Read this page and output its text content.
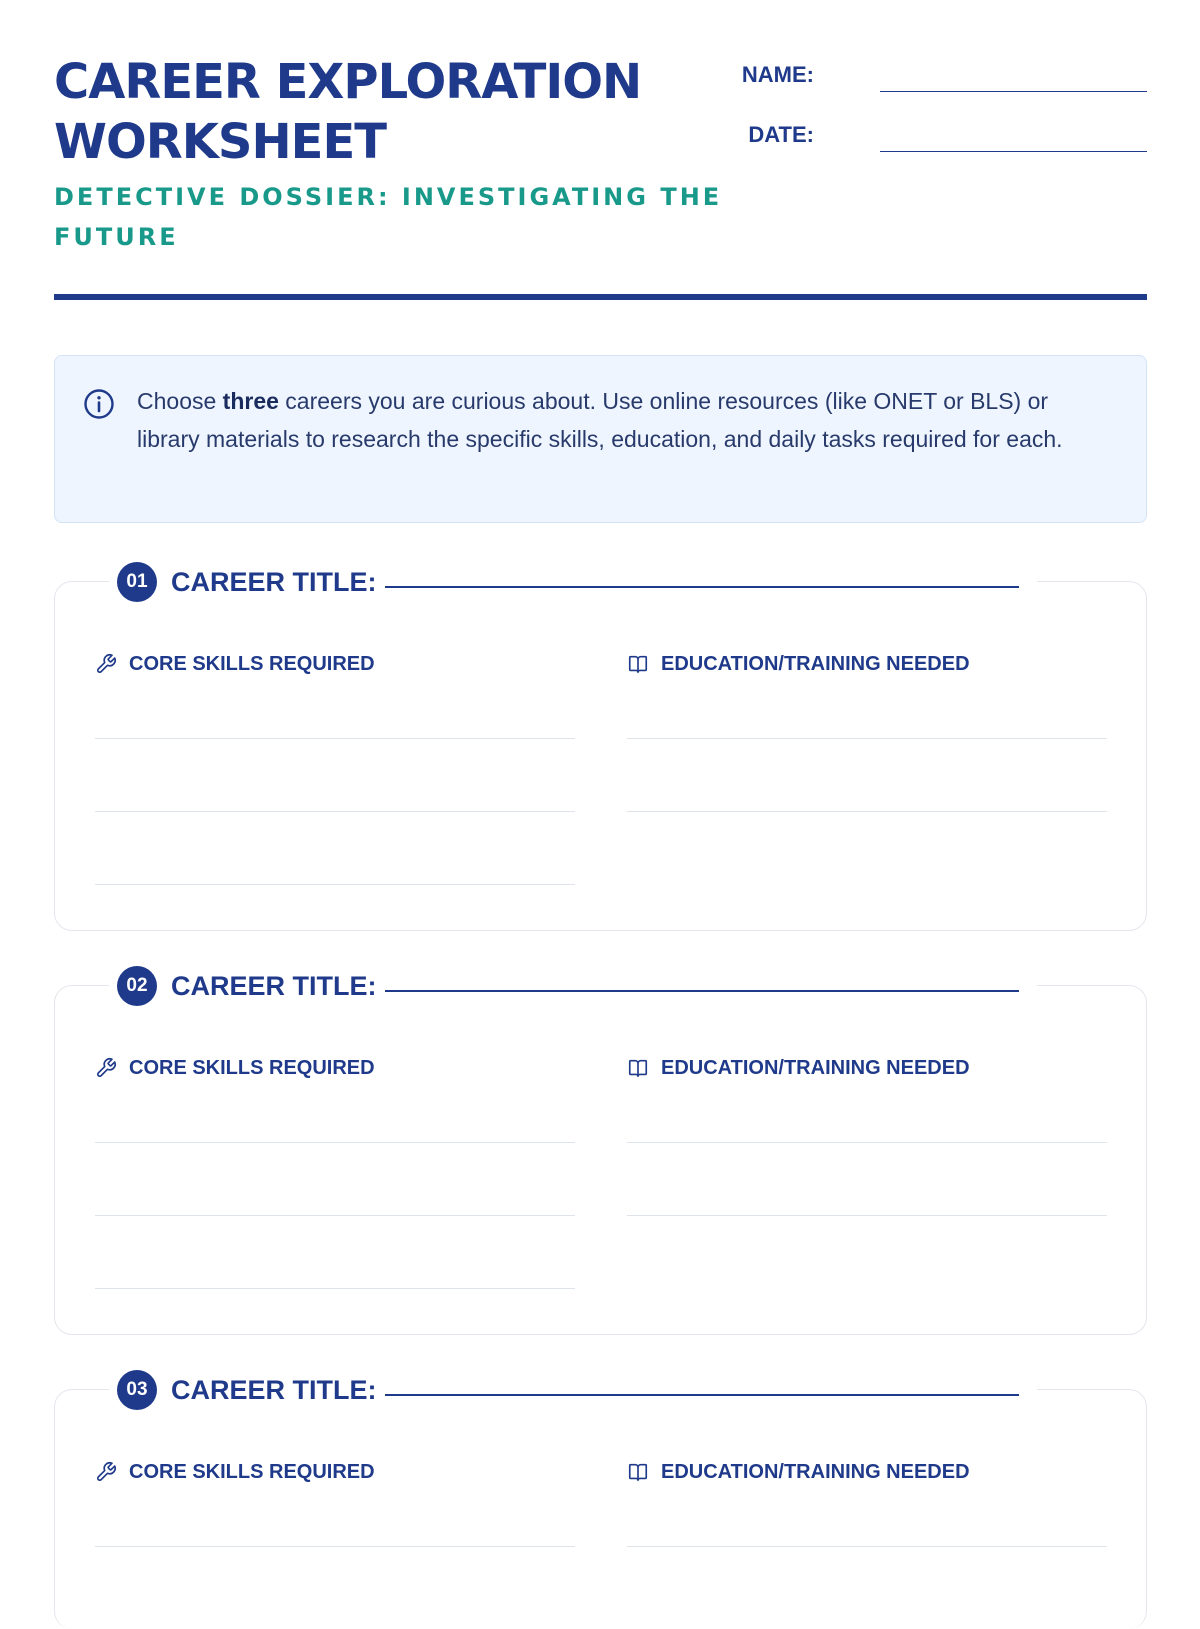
CAREER EXPLORATION WORKSHEET
DETECTIVE DOSSIER: INVESTIGATING THE FUTURE
NAME:
DATE:

Choose three careers you are curious about. Use online resources (like ONET or BLS) or library materials to research the specific skills, education, and daily tasks required for each.

01 CAREER TITLE:
CORE SKILLS REQUIRED	EDUCATION/TRAINING NEEDED
02 CAREER TITLE:
CORE SKILLS REQUIRED	EDUCATION/TRAINING NEEDED
03 CAREER TITLE:
CORE SKILLS REQUIRED	EDUCATION/TRAINING NEEDED
